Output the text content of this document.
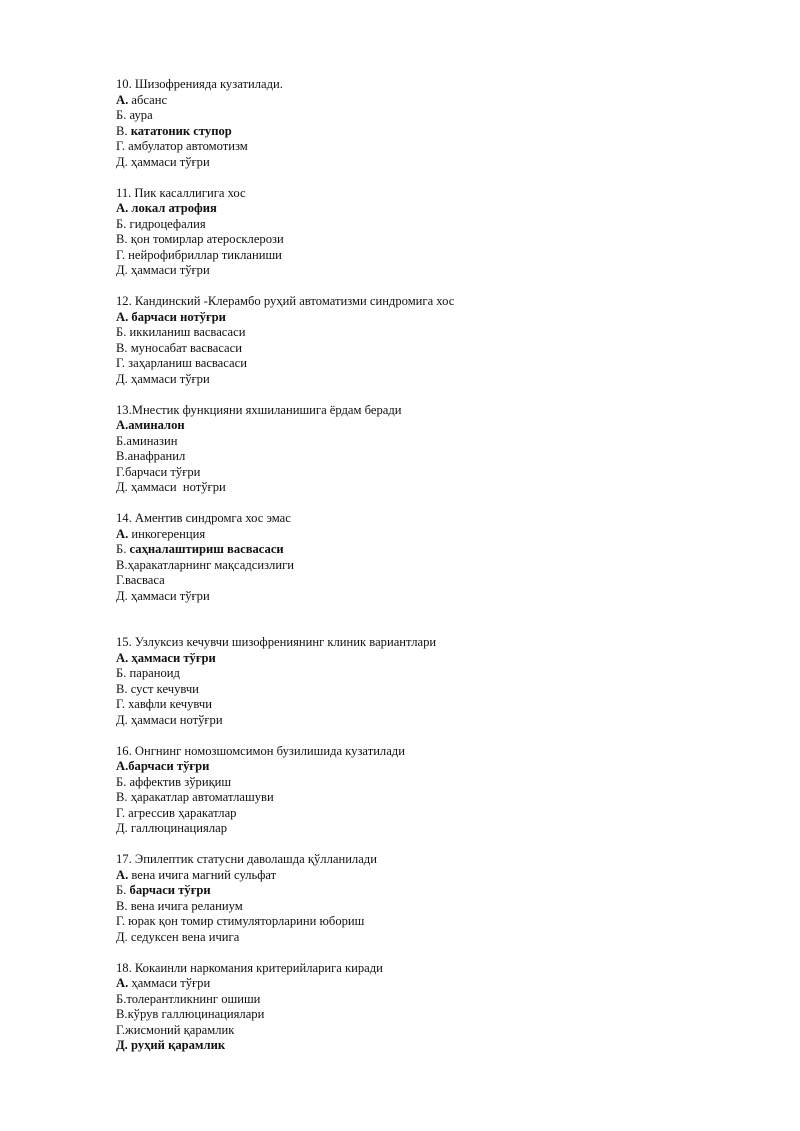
10. Шизофренияда кузатилади.
А. абсанс
Б. аура
В. кататоник ступор
Г. амбулатор автомотизм
Д. ҳаммаси тўғри
11. Пик касаллигига хос
А. локал атрофия
Б. гидроцефалия
В. қон томирлар атеросклерози
Г. нейрофибриллар тикланиши
Д. ҳаммаси тўғри
12. Кандинский -Клерамбо руҳий автоматизми синдромига хос
А. барчаси нотўғри
Б. иккиланиш васвасаси
В. муносабат васвасаси
Г. заҳарланиш васвасаси
Д. ҳаммаси тўғри
13.Мнестик функцияни яхшиланишига ёрдам беради
А.аминалон
Б.аминазин
В.анафранил
Г.барчаси тўғри
Д. ҳаммаси  нотўғри
14. Аментив синдромга хос эмас
А. инкогеренция
Б. саҳналаштириш васвасаси
В.ҳаракатларнинг мақсадсизлиги
Г.васваса
Д. ҳаммаси тўғри
15. Узлуксиз кечувчи шизофрениянинг клиник вариантлари
А. ҳаммаси тўғри
Б. параноид
В. суст кечувчи
Г. хавфли кечувчи
Д. ҳаммаси нотўғри
16. Онгнинг номозшомсимон бузилишида кузатилади
А.барчаси тўғри
Б. аффектив зўриқиш
В. ҳаракатлар автоматлашуви
Г. агрессив ҳаракатлар
Д. галлюцинациялар
17. Эпилептик статусни даволашда қўлланилади
А. вена ичига магний сульфат
Б. барчаси тўғри
В. вена ичига реланиум
Г. юрак қон томир стимуляторларини юбориш
Д. седуксен вена ичига
18. Кокаинли наркомания критерийларига киради
А. ҳаммаси тўғри
Б.толерантликнинг ошиши
В.кўрув галлюцинациялари
Г.жисмоний қарамлик
Д. руҳий қарамлик
